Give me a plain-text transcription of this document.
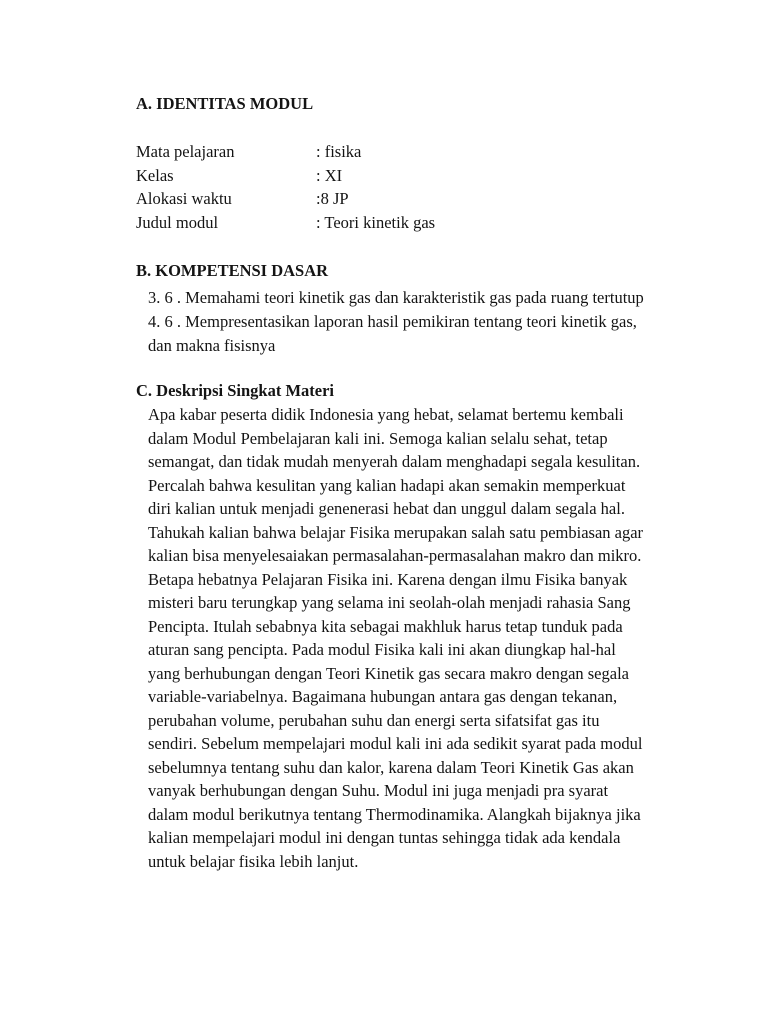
A. IDENTITAS MODUL
Mata pelajaran	: fisika
Kelas	: XI
Alokasi waktu	:8 JP
Judul modul	: Teori kinetik gas
B. KOMPETENSI DASAR
3. 6 . Memahami teori kinetik gas dan karakteristik gas pada ruang tertutup
4. 6 . Mempresentasikan laporan hasil pemikiran tentang teori kinetik gas,
dan makna fisisnya
C. Deskripsi Singkat Materi
Apa kabar peserta didik Indonesia yang hebat, selamat bertemu kembali
dalam Modul Pembelajaran kali ini. Semoga kalian selalu sehat, tetap
semangat, dan tidak mudah menyerah dalam menghadapi segala kesulitan.
Percalah bahwa kesulitan yang kalian hadapi akan semakin memperkuat
diri kalian untuk menjadi genenerasi hebat dan unggul dalam segala hal.
Tahukah kalian bahwa belajar Fisika merupakan salah satu pembiasan agar
kalian bisa menyelesaiakan permasalahan-permasalahan makro dan mikro.
Betapa hebatnya Pelajaran Fisika ini. Karena dengan ilmu Fisika banyak
misteri baru terungkap yang selama ini seolah-olah menjadi rahasia Sang
Pencipta. Itulah sebabnya kita sebagai makhluk harus tetap tunduk pada
aturan sang pencipta. Pada modul Fisika kali ini akan diungkap hal-hal
yang berhubungan dengan Teori Kinetik gas secara makro dengan segala
variable-variabelnya. Bagaimana hubungan antara gas dengan tekanan,
perubahan volume, perubahan suhu dan energi serta sifatsifat gas itu
sendiri. Sebelum mempelajari modul kali ini ada sedikit syarat pada modul
sebelumnya tentang suhu dan kalor, karena dalam Teori Kinetik Gas akan
vanyak berhubungan dengan Suhu. Modul ini juga menjadi pra syarat
dalam modul berikutnya tentang Thermodinamika. Alangkah bijaknya jika
kalian mempelajari modul ini dengan tuntas sehingga tidak ada kendala
untuk belajar fisika lebih lanjut.
